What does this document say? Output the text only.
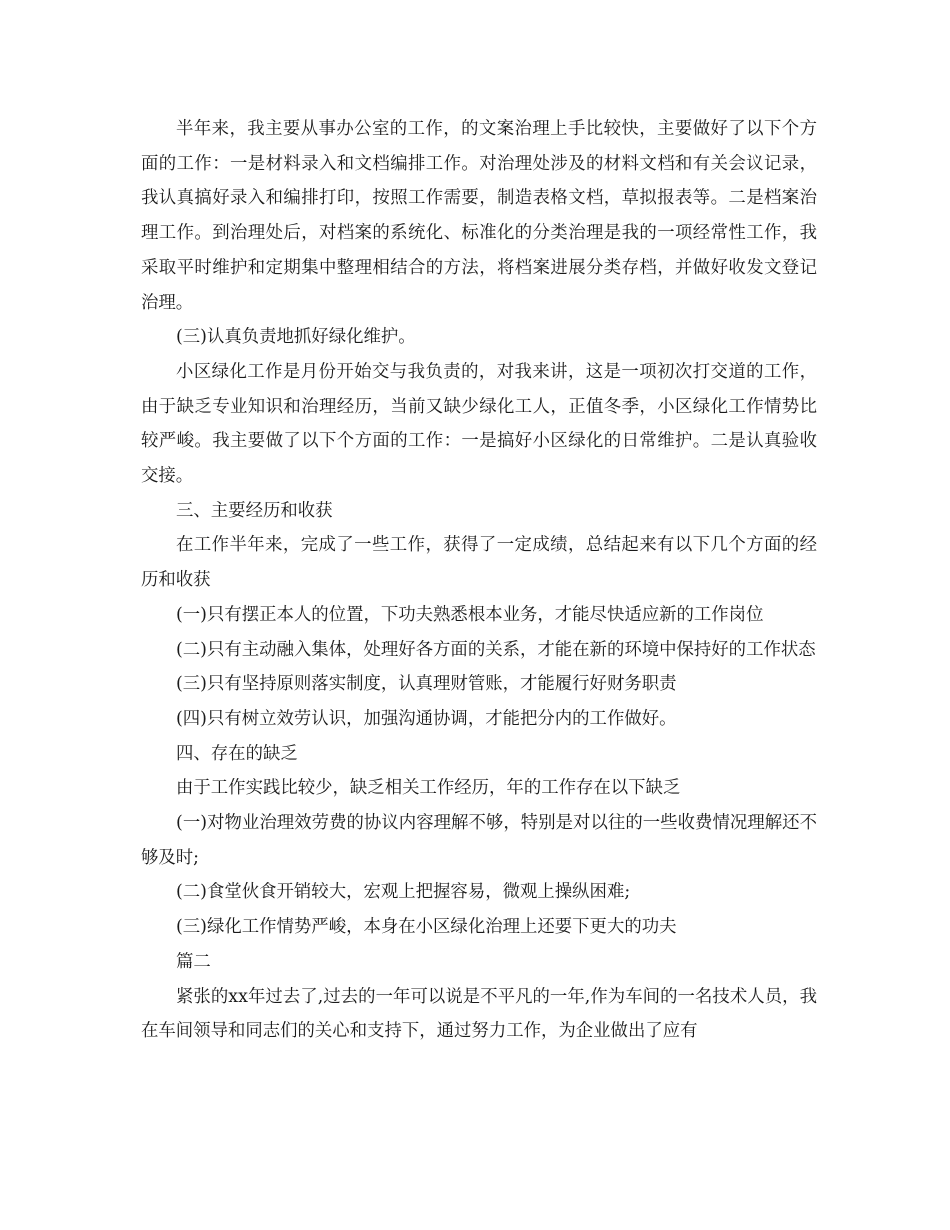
半年来，我主要从事办公室的工作，的文案治理上手比较快，主要做好了以下个方面的工作：一是材料录入和文档编排工作。对治理处涉及的材料文档和有关会议记录，我认真搞好录入和编排打印，按照工作需要，制造表格文档，草拟报表等。二是档案治理工作。到治理处后，对档案的系统化、标准化的分类治理是我的一项经常性工作，我采取平时维护和定期集中整理相结合的方法，将档案进展分类存档，并做好收发文登记治理。

(三)认真负责地抓好绿化维护。

小区绿化工作是月份开始交与我负责的，对我来讲，这是一项初次打交道的工作，由于缺乏专业知识和治理经历，当前又缺少绿化工人，正值冬季，小区绿化工作情势比较严峻。我主要做了以下个方面的工作：一是搞好小区绿化的日常维护。二是认真验收交接。

三、主要经历和收获

在工作半年来，完成了一些工作，获得了一定成绩，总结起来有以下几个方面的经历和收获

(一)只有摆正本人的位置，下功夫熟悉根本业务，才能尽快适应新的工作岗位

(二)只有主动融入集体，处理好各方面的关系，才能在新的环境中保持好的工作状态

(三)只有坚持原则落实制度，认真理财管账，才能履行好财务职责

(四)只有树立效劳认识，加强沟通协调，才能把分内的工作做好。

四、存在的缺乏

由于工作实践比较少，缺乏相关工作经历，年的工作存在以下缺乏

(一)对物业治理效劳费的协议内容理解不够，特别是对以往的一些收费情况理解还不够及时;

(二)食堂伙食开销较大，宏观上把握容易，微观上操纵困难;

(三)绿化工作情势严峻，本身在小区绿化治理上还要下更大的功夫

篇二

紧张的xx年过去了,过去的一年可以说是不平凡的一年,作为车间的一名技术人员，我在车间领导和同志们的关心和支持下，通过努力工作，为企业做出了应有
